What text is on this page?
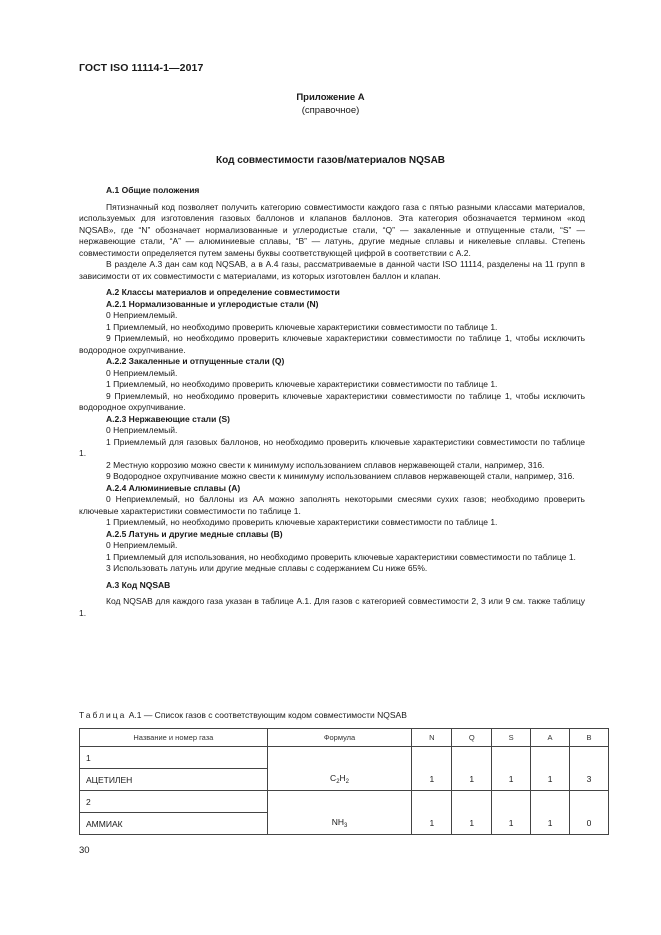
ГОСТ ISO 11114-1—2017
Приложение А
(справочное)
Код совместимости газов/материалов NQSAB
А.1 Общие положения

Пятизначный код позволяет получить категорию совместимости каждого газа с пятью разными классами материалов, используемых для изготовления газовых баллонов и клапанов баллонов. Эта категория обозначается термином «код NQSAB», где “N” обозначает нормализованные и углеродистые стали, “Q” — закаленные и отпущенные стали, “S” — нержавеющие стали, “А” — алюминиевые сплавы, “В” — латунь, другие медные сплавы и никелевые сплавы. Степень совместимости определяется путем замены буквы соответствующей цифрой в соответствии с А.2.

В разделе А.3 дан сам код NQSAB, а в А.4 газы, рассматриваемые в данной части ISO 11114, разделены на 11 групп в зависимости от их совместимости с материалами, из которых изготовлен баллон и клапан.

А.2 Классы материалов и определение совместимости
А.2.1 Нормализованные и углеродистые стали (N)

0 Неприемлемый.

1 Приемлемый, но необходимо проверить ключевые характеристики совместимости по таблице 1.

9 Приемлемый, но необходимо проверить ключевые характеристики совместимости по таблице 1, чтобы исключить водородное охрупчивание.

А.2.2 Закаленные и отпущенные стали (Q)

0 Неприемлемый.

1 Приемлемый, но необходимо проверить ключевые характеристики совместимости по таблице 1.

9 Приемлемый, но необходимо проверить ключевые характеристики совместимости по таблице 1, чтобы исключить водородное охрупчивание.

А.2.3 Нержавеющие стали (S)

0 Неприемлемый.

1 Приемлемый для газовых баллонов, но необходимо проверить ключевые характеристики совместимости по таблице 1.

2 Местную коррозию можно свести к минимуму использованием сплавов нержавеющей стали, например, 316.

9 Водородное охрупчивание можно свести к минимуму использованием сплавов нержавеющей стали, например, 316.

А.2.4 Алюминиевые сплавы (А)

0 Неприемлемый, но баллоны из АА можно заполнять некоторыми смесями сухих газов; необходимо проверить ключевые характеристики совместимости по таблице 1.

1 Приемлемый, но необходимо проверить ключевые характеристики совместимости по таблице 1.

А.2.5 Латунь и другие медные сплавы (В)

0 Неприемлемый.

1 Приемлемый для использования, но необходимо проверить ключевые характеристики совместимости по таблице 1.

3 Использовать латунь или другие медные сплавы с содержанием Cu ниже 65%.

А.3 Код NQSAB

Код NQSAB для каждого газа указан в таблице А.1. Для газов с категорией совместимости 2, 3 или 9 см. также таблицу 1.

Таблица А.1 — Список газов с соответствующим кодом совместимости NQSAB
Название и номер газа	Формула	N	Q	S	A	B
1						
АЦЕТИЛЕН	$C_2H_2$	1	1	1	1	3
2						
АММИАК	$NH_3$	1	1	1	1	0
30
